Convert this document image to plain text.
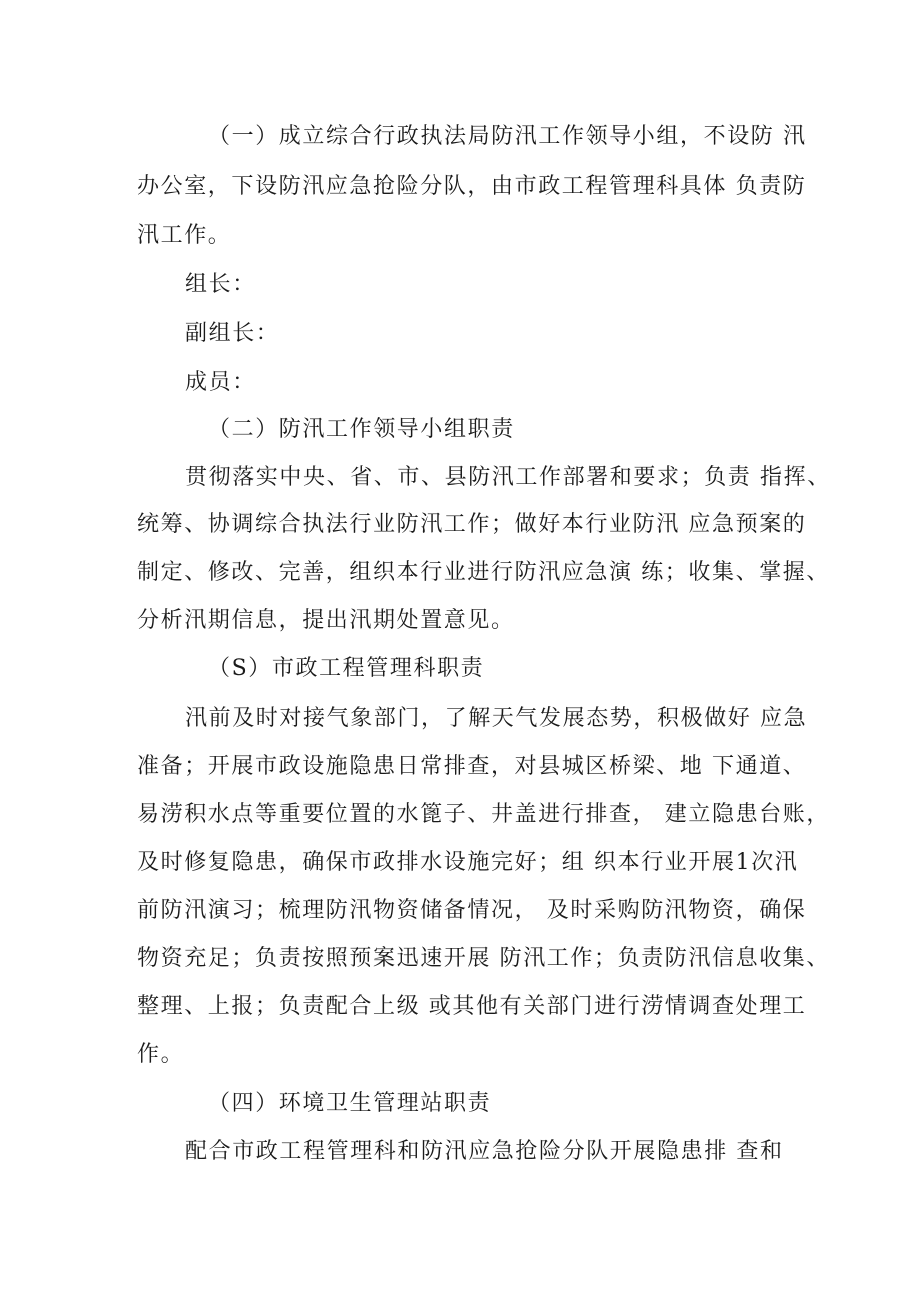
（一）成立综合行政执法局防汛工作领导小组，不设防 汛
办公室，下设防汛应急抢险分队，由市政工程管理科具体 负责防
汛工作。
组长：
副组长：
成员：
（二）防汛工作领导小组职责
贯彻落实中央、省、市、县防汛工作部署和要求；负责 指挥、
统筹、协调综合执法行业防汛工作；做好本行业防汛 应急预案的
制定、修改、完善，组织本行业进行防汛应急演 练；收集、掌握、
分析汛期信息，提出汛期处置意见。
（S）市政工程管理科职责
汛前及时对接气象部门，了解天气发展态势，积极做好 应急
准备；开展市政设施隐患日常排查，对县城区桥梁、地 下通道、
易涝积水点等重要位置的水篦子、井盖进行排查， 建立隐患台账，
及时修复隐患，确保市政排水设施完好；组 织本行业开展1次汛
前防汛演习；梳理防汛物资储备情况， 及时采购防汛物资，确保
物资充足；负责按照预案迅速开展 防汛工作；负责防汛信息收集、
整理、上报；负责配合上级 或其他有关部门进行涝情调查处理工
作。
（四）环境卫生管理站职责
配合市政工程管理科和防汛应急抢险分队开展隐患排 查和
